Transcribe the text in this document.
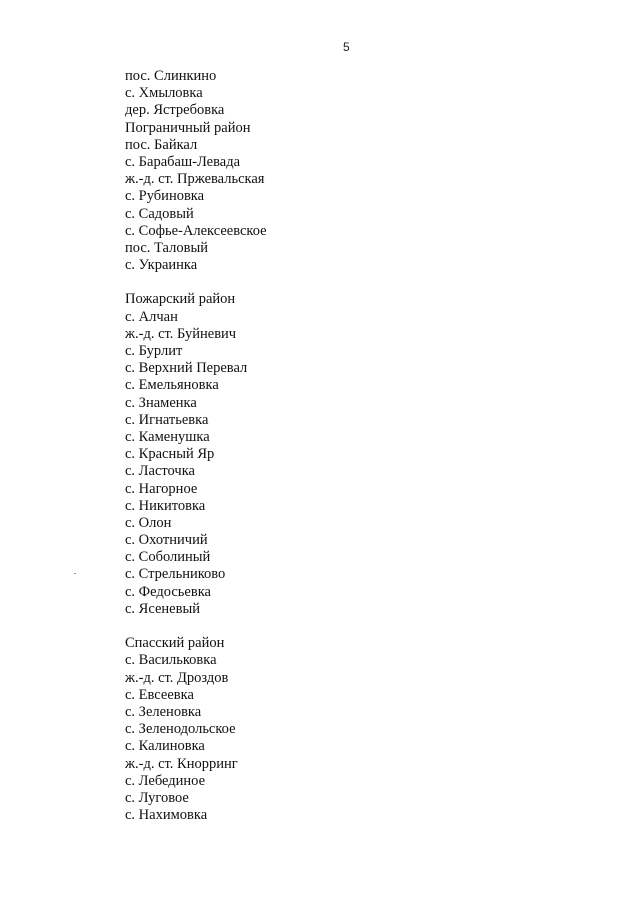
5
пос. Слинкино
с. Хмыловка
дер. Ястребовка
Пограничный район
пос. Байкал
с. Барабаш-Левада
ж.-д. ст. Пржевальская
с. Рубиновка
с. Садовый
с. Софье-Алексеевское
пос. Таловый
с. Украинка
Пожарский район
с. Алчан
ж.-д. ст. Буйневич
с. Бурлит
с. Верхний Перевал
с. Емельяновка
с. Знаменка
с. Игнатьевка
с. Каменушка
с. Красный Яр
с. Ласточка
с. Нагорное
с. Никитовка
с. Олон
с. Охотничий
с. Соболиный
с. Стрельниково
с. Федосьевка
с. Ясеневый
Спасский район
с. Васильковка
ж.-д. ст. Дроздов
с. Евсеевка
с. Зеленовка
с. Зеленодольское
с. Калиновка
ж.-д. ст. Кнорринг
с. Лебединое
с. Луговое
с. Нахимовка
